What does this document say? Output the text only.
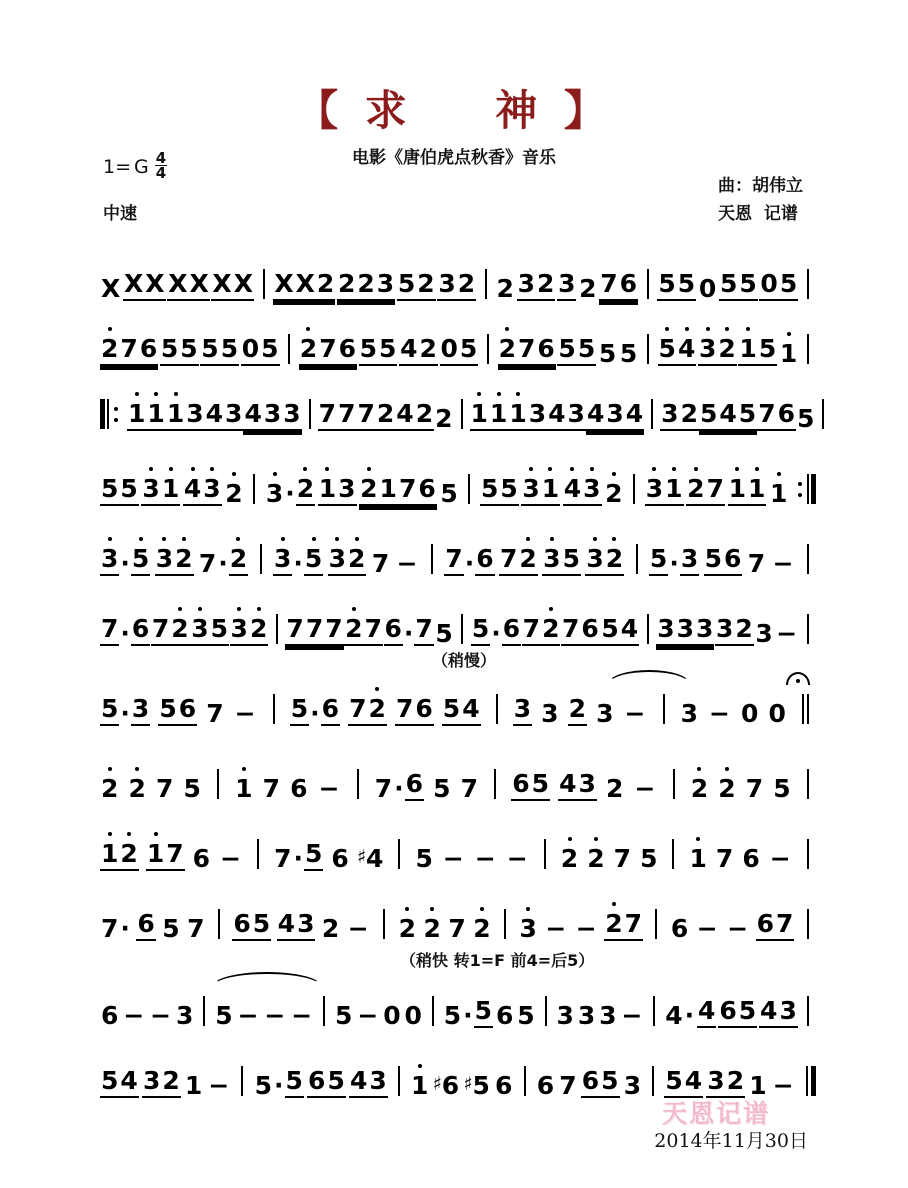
【 求    神 】
电影《唐伯虎点秋香》音乐
1= G $\frac{4}{4}$
中速
曲：胡伟立
天恩  记谱
X X X X X X X X X 2 2 2 3 5 2 3 2 2 3 2 3 2 7 6 5 5 0 5 5 0 5
2 7 6 5 5 5 5 0 5 2 7 6 5 5 4 2 0 5 2 7 6 5 5 5 5 5 4 3 2 1 5 1
1 1 1 3 4 3 4 3 3 7 7 7 2 4 2 2 1 1 1 3 4 3 4 3 4 3 2 5 4 5 7 6 5
5 5 3 1 4 3 2 3 · 2 1 3 2 1 7 6 5 5 5 3 1 4 3 2 3 1 2 7 1 1 1
3 · 5 3 2 7 · 2 3 · 5 3 2 7 − 7 · 6 7 2 3 5 3 2 5 · 3 5 6 7 −
7 · 6 7 2 3 5 3 2 7 7 7 2 7 6 · 7 5 5 · 6 7 2 7 6 5 4 3 3 3 3 2 3 −
（稍慢）
5 · 3 5 6 7 − 5 · 6 7 2 7 6 5 4 3 3 2 3 − 3 − 0 0
2 2 7 5 1 7 6 − 7 · 6 5 7 6 5 4 3 2 − 2 2 7 5
1 2 1 7 6 − 7 · 5 6 ♯ 4 5 − − − 2 2 7 5 1 7 6 −
7 · 6 5 7 6 5 4 3 2 − 2 2 7 2 3 − − 2 7 6 − − 6 7
（稍快 转1=F 前4=后5）
6 − − 3 5 − − − 5 − 0 0 5 · 5 6 5 3 3 3 − 4 · 4 6 5 4 3
5 4 3 2 1 − 5 · 5 6 5 4 3 1 ♯ 6 ♯ 5 6 6 7 6 5 3 5 4 3 2 1 −
天恩记谱
2014年11月30日
